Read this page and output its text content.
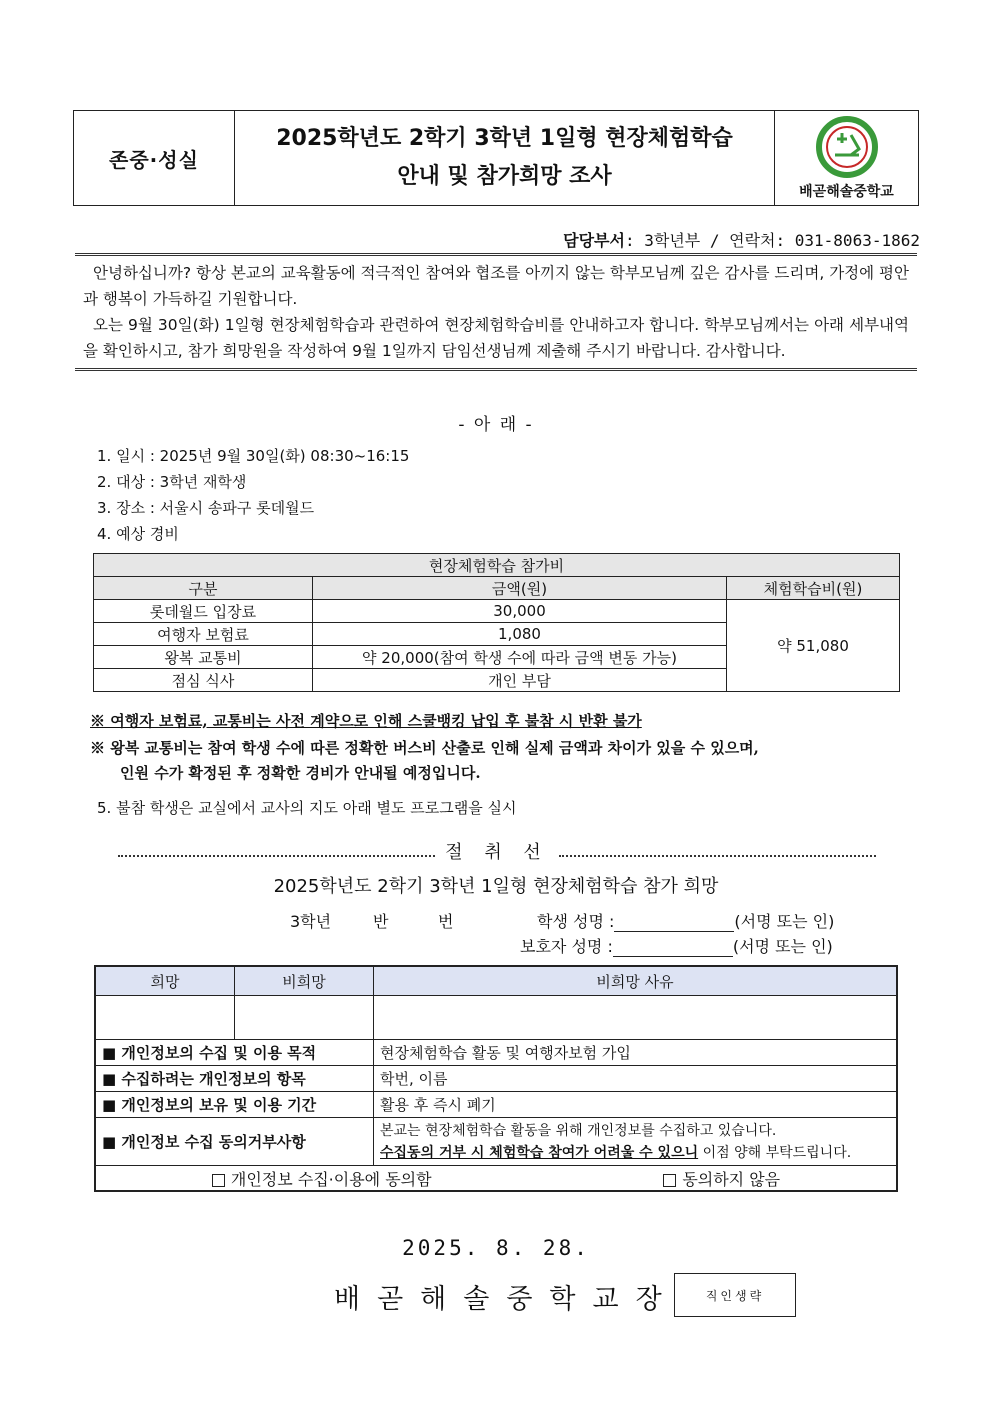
존중·성실
2025학년도 2학기 3학년 1일형 현장체험학습
안내 및 참가희망 조사
배곧해솔중학교
담당부서: 3학년부 / 연락처: 031-8063-1862

안녕하십니까? 항상 본교의 교육활동에 적극적인 참여와 협조를 아끼지 않는 학부모님께 깊은 감사를 드리며, 가정에 평안과 행복이 가득하길 기원합니다.

오는 9월 30일(화) 1일형 현장체험학습과 관련하여 현장체험학습비를 안내하고자 합니다. 학부모님께서는 아래 세부내역을 확인하시고, 참가 희망원을 작성하여 9월 1일까지 담임선생님께 제출해 주시기 바랍니다. 감사합니다.

- 아 래 -
1. 일시 : 2025년 9월 30일(화) 08:30~16:15
2. 대상 : 3학년 재학생
3. 장소 : 서울시 송파구 롯데월드
4. 예상 경비
현장체험학습 참가비		
구분	금액(원)	체험학습비(원)
롯데월드 입장료	30,000	약 51,080
여행자 보험료	1,080	
왕복 교통비	약 20,000(참여 학생 수에 따라 금액 변동 가능)	
점심 식사	개인 부담	
※ 여행자 보험료, 교통비는 사전 계약으로 인해 스쿨뱅킹 납입 후 불참 시 반환 불가
※ 왕복 교통비는 참여 학생 수에 따른 정확한 버스비 산출로 인해 실제 금액과 차이가 있을 수 있으며,
인원 수가 확정된 후 정확한 경비가 안내될 예정입니다.
5. 불참 학생은 교실에서 교사의 지도 아래 별도 프로그램을 실시
절 취 선
2025학년도 2학기 3학년 1일형 현장체험학습 참가 희망
3학년	반	번	학생 성명 :	(서명 또는 인)
보호자 성명 :	(서명 또는 인)
희망	비희망	비희망 사유

■ 개인정보의 수집 및 이용 목적		현장체험학습 활동 및 여행자보험 가입
■ 수집하려는 개인정보의 항목		학번, 이름
■ 개인정보의 보유 및 이용 기간		활용 후 즉시 폐기
■ 개인정보 수집 동의거부사항		본교는 현장체험학습 활동을 위해 개인정보를 수집하고 있습니다.
수집동의 거부 시 체험학습 참여가 어려울 수 있으니 이점 양해 부탁드립니다.

개인정보 수집·이용에 동의함 동의하지 않음		
2025. 8. 28.
배곧해솔중학교장	직인생략
